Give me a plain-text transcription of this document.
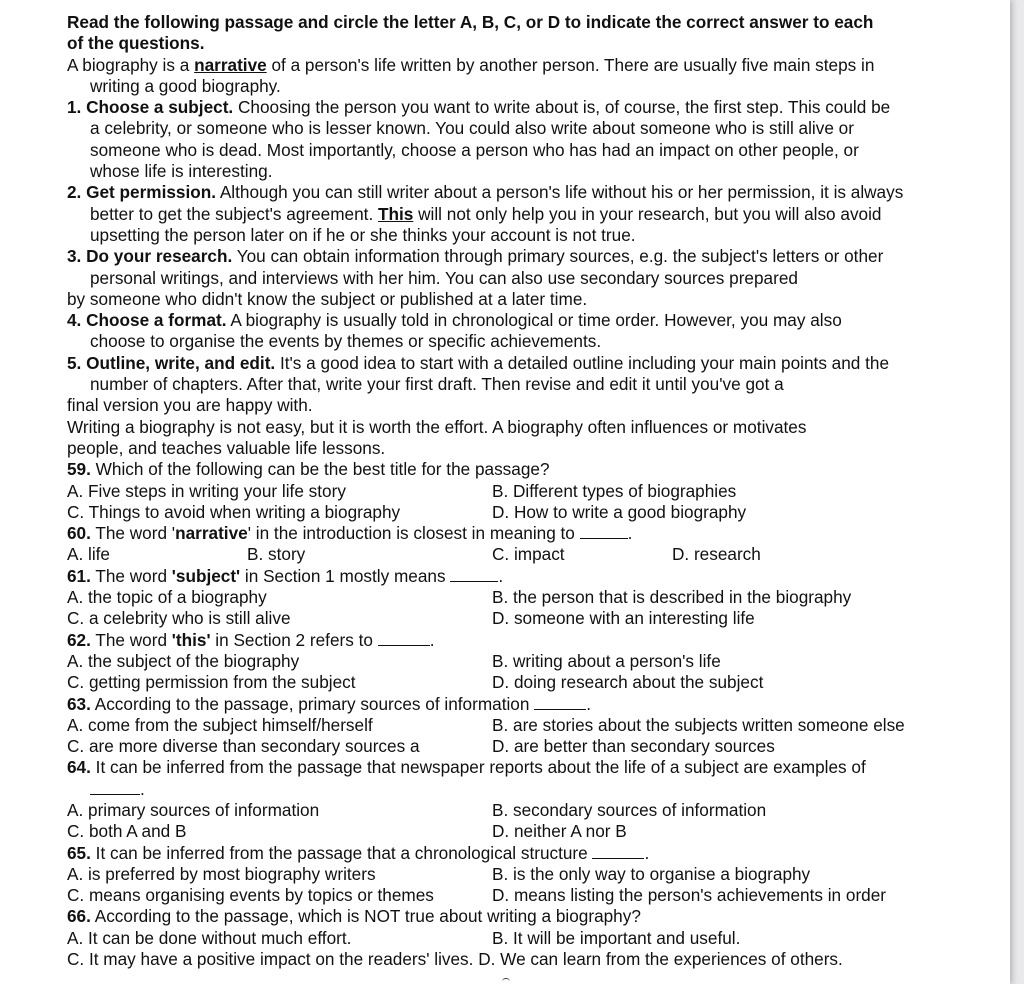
Read the following passage and circle the letter A, B, C, or D to indicate the correct answer to each
of the questions.
A biography is a narrative of a person's life written by another person. There are usually five main steps in
writing a good biography.
1. Choose a subject. Choosing the person you want to write about is, of course, the first step. This could be
a celebrity, or someone who is lesser known. You could also write about someone who is still alive or
someone who is dead. Most importantly, choose a person who has had an impact on other people, or
whose life is interesting.
2. Get permission. Although you can still writer about a person's life without his or her permission, it is always
better to get the subject's agreement. This will not only help you in your research, but you will also avoid
upsetting the person later on if he or she thinks your account is not true.
3. Do your research. You can obtain information through primary sources, e.g. the subject's letters or other
personal writings, and interviews with her him. You can also use secondary sources prepared
by someone who didn't know the subject or published at a later time.
4. Choose a format. A biography is usually told in chronological or time order. However, you may also
choose to organise the events by themes or specific achievements.
5. Outline, write, and edit. It's a good idea to start with a detailed outline including your main points and the
number of chapters. After that, write your first draft. Then revise and edit it until you've got a
final version you are happy with.
Writing a biography is not easy, but it is worth the effort. A biography often influences or motivates
people, and teaches valuable life lessons.
59. Which of the following can be the best title for the passage?
A. Five steps in writing your life story	B. Different types of biographies
C. Things to avoid when writing a biography	D. How to write a good biography
60. The word 'narrative' in the introduction is closest in meaning to	.
A. life	B. story	C. impact	D. research
61. The word 'subject' in Section 1 mostly means	.
A. the topic of a biography	B. the person that is described in the biography
C. a celebrity who is still alive	D. someone with an interesting life
62. The word 'this' in Section 2 refers to	.
A. the subject of the biography	B. writing about a person's life
C. getting permission from the subject	D. doing research about the subject
63. According to the passage, primary sources of information	.
A. come from the subject himself/herself	B. are stories about the subjects written someone else
C. are more diverse than secondary sources a	D. are better than secondary sources
64. It can be inferred from the passage that newspaper reports about the life of a subject are examples of
.
A. primary sources of information	B. secondary sources of information
C. both A and B	D. neither A nor B
65. It can be inferred from the passage that a chronological structure	.
A. is preferred by most biography writers	B. is the only way to organise a biography
C. means organising events by topics or themes	D. means listing the person's achievements in order
66. According to the passage, which is NOT true about writing a biography?
A. It can be done without much effort.	B. It will be important and useful.
C. It may have a positive impact on the readers' lives. D. We can learn from the experiences of others.
